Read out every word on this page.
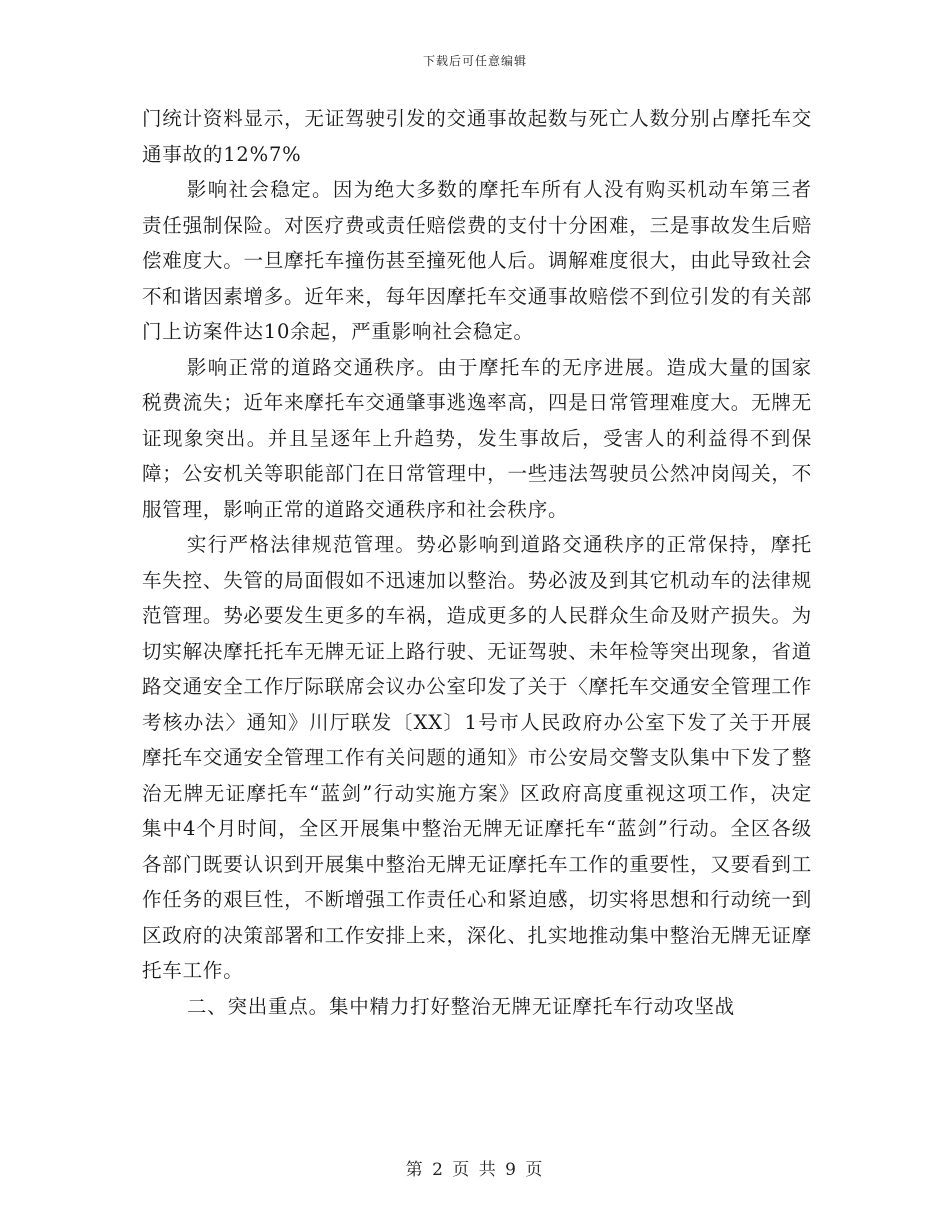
下载后可任意编辑

门统计资料显示，无证驾驶引发的交通事故起数与死亡人数分别占摩托车交通事故的12%7%

影响社会稳定。因为绝大多数的摩托车所有人没有购买机动车第三者责任强制保险。对医疗费或责任赔偿费的支付十分困难，三是事故发生后赔偿难度大。一旦摩托车撞伤甚至撞死他人后。调解难度很大，由此导致社会不和谐因素增多。近年来，每年因摩托车交通事故赔偿不到位引发的有关部门上访案件达10余起，严重影响社会稳定。

影响正常的道路交通秩序。由于摩托车的无序进展。造成大量的国家税费流失；近年来摩托车交通肇事逃逸率高，四是日常管理难度大。无牌无证现象突出。并且呈逐年上升趋势，发生事故后，受害人的利益得不到保障；公安机关等职能部门在日常管理中，一些违法驾驶员公然冲岗闯关，不服管理，影响正常的道路交通秩序和社会秩序。

实行严格法律规范管理。势必影响到道路交通秩序的正常保持，摩托车失控、失管的局面假如不迅速加以整治。势必波及到其它机动车的法律规范管理。势必要发生更多的车祸，造成更多的人民群众生命及财产损失。为切实解决摩托托车无牌无证上路行驶、无证驾驶、未年检等突出现象，省道路交通安全工作厅际联席会议办公室印发了关于〈摩托车交通安全管理工作考核办法〉通知》川厅联发〔XX〕1号市人民政府办公室下发了关于开展摩托车交通安全管理工作有关问题的通知》市公安局交警支队集中下发了整治无牌无证摩托车“蓝剑”行动实施方案》区政府高度重视这项工作，决定集中4个月时间，全区开展集中整治无牌无证摩托车“蓝剑”行动。全区各级各部门既要认识到开展集中整治无牌无证摩托车工作的重要性，又要看到工作任务的艰巨性，不断增强工作责任心和紧迫感，切实将思想和行动统一到区政府的决策部署和工作安排上来，深化、扎实地推动集中整治无牌无证摩托车工作。

二、突出重点。集中精力打好整治无牌无证摩托车行动攻坚战

第 2 页 共 9 页
